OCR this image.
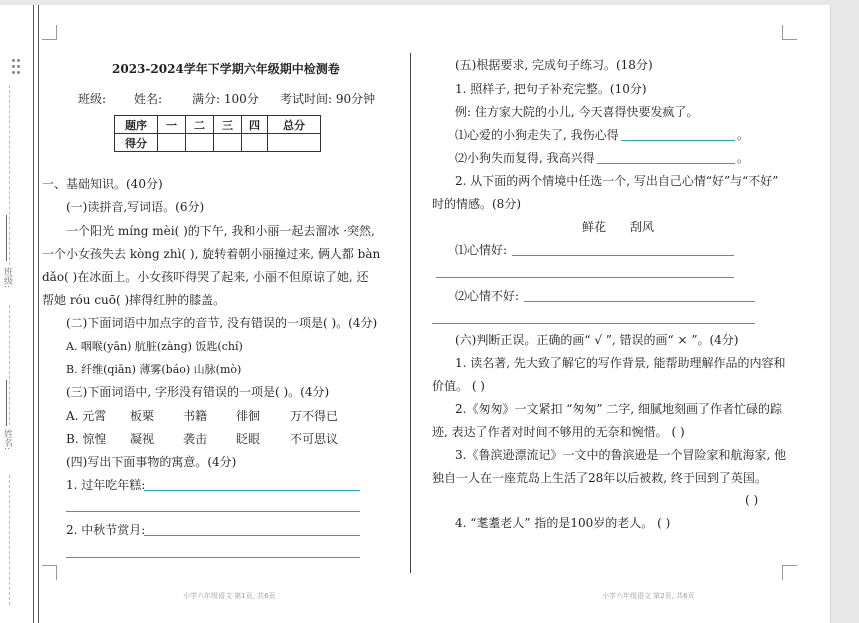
班级:
姓名:
2023-2024学年下学期六年级期中检测卷
班级: 姓名: 满分: 100分 考试时间: 90分钟
题序	一	二	三	四	总分
得分					
一、基础知识。(40分)
(一)读拼音,写词语。(6分)
一个阳光 míng mèi( )的下午, 我和小丽一起去溜冰 ·突然,
一个小女孩失去 kòng zhì( ), 旋转着朝小丽撞过来, 俩人都 bàn
dǎo( )在冰面上。小女孩吓得哭了起来, 小丽不但原谅了她, 还
帮她 róu cuō( )摔得红肿的膝盖。
(二)下面词语中加点字的音节, 没有错误的一项是( )。(4分)
A. 咽喉(yān) 肮脏(zàng) 饭匙(chí)
B. 纤维(qiān) 薄雾(báo) 山脉(mò)
(三)下面词语中, 字形没有错误的一项是( )。(4分)
A. 元霄 板栗 书籍 徘徊 万不得已
B. 惊惶 凝视 袭击 眨眼 不可思议
(四)写出下面事物的寓意。(4分)
1. 过年吃年糕:
2. 中秋节赏月:
(五)根据要求, 完成句子练习。(18分)
1. 照样子, 把句子补充完整。(10分)
例: 住方家大院的小儿, 今天喜得快要发疯了。
⑴心爱的小狗走失了, 我伤心得	。
⑵小狗失而复得, 我高兴得	。
2. 从下面的两个情境中任选一个, 写出自己心情“好”与“不好”
时的情感。(8分)
鲜花 刮风
⑴心情好:
⑵心情不好:
(六)判断正误。正确的画“ √ ”, 错误的画“ × ”。(4分)
1. 读名著, 先大致了解它的写作背景, 能帮助理解作品的内容和
价值。 ( )
2.《匆匆》一文紧扣 “匆匆” 二字, 细腻地刻画了作者忙碌的踪
迹, 表达了作者对时间不够用的无奈和惋惜。 ( )
3.《鲁滨逊漂流记》一文中的鲁滨逊是一个冒险家和航海家, 他
独自一人在一座荒岛上生活了28年以后被救, 终于回到了英国。
( )
4. “耄耋老人” 指的是100岁的老人。 ( )
小学六年级语文 第1页, 共6页	小学六年级语文 第2页, 共6页
